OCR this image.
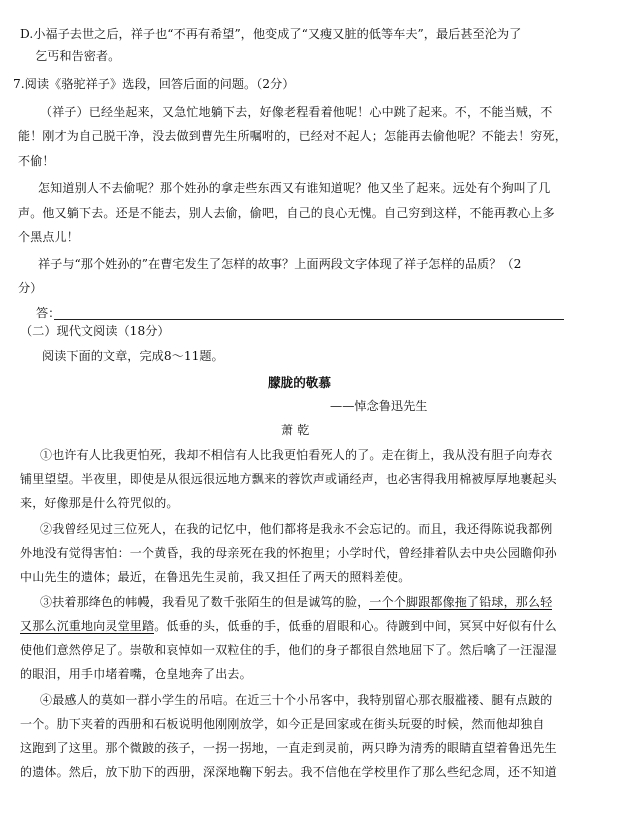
D.小福子去世之后，祥子也“不再有希望”，他变成了“又瘦又脏的低等车夫”，最后甚至沦为了
乞丐和告密者。
7.阅读《骆驼祥子》选段，回答后面的问题。（2分）
（祥子）已经坐起来，又急忙地躺下去，好像老程看着他呢！心中跳了起来。不，不能当贼，不
能！刚才为自己脱干净，没去做到曹先生所嘱咐的，已经对不起人；怎能再去偷他呢？不能去！穷死，
不偷！
怎知道别人不去偷呢？那个姓孙的拿走些东西又有谁知道呢？他又坐了起来。远处有个狗叫了几
声。他又躺下去。还是不能去，别人去偷，偷吧，自己的良心无愧。自己穷到这样，不能再教心上多
个黑点儿！
祥子与“那个姓孙的”在曹宅发生了怎样的故事？上面两段文字体现了祥子怎样的品质？（2
分）
答：
（二）现代文阅读（18分）
阅读下面的文章，完成8～11题。
朦胧的敬慕
——悼念鲁迅先生
萧 乾
①也许有人比我更怕死，我却不相信有人比我更怕看死人的了。走在街上，我从没有胆子向寿衣
铺里望望。半夜里，即使是从很远很远地方飘来的蓉饮声或诵经声，也必害得我用棉被厚厚地裹起头
来，好像那是什么符咒似的。
②我曾经见过三位死人，在我的记忆中，他们都将是我永不会忘记的。而且，我还得陈说我都例
外地没有觉得害怕：一个黄昏，我的母亲死在我的怀抱里；小学时代，曾经排着队去中央公园瞻仰孙
中山先生的遗体；最近，在鲁迅先生灵前，我又担任了两天的照料差使。
③扶着那绛色的帏幔，我看见了数千张陌生的但是诚笃的脸，一个个脚跟都像拖了铅球，那么轻
又那么沉重地向灵堂里踏。低垂的头，低垂的手，低垂的眉眼和心。待踱到中间，冥冥中好似有什么
使他们意然停足了。崇敬和哀悼如一双粒住的手，他们的身子都很自然地屈下了。然后噙了一汪湿湿
的眼泪，用手巾堵着嘴，仓皇地奔了出去。
④最感人的莫如一群小学生的吊唁。在近三十个小吊客中，我特别留心那衣服褴褛、腿有点跛的
一个。肋下夹着的西册和石板说明他刚刚放学，如今正是回家或在街头玩耍的时候，然而他却独自
这跑到了这里。那个微跛的孩子，一拐一拐地，一直走到灵前，两只睁为清秀的眼睛直望着鲁迅先生
的遗体。然后，放下肋下的西册，深深地鞠下躬去。我不信他在学校里作了那么些纪念周，还不知道
